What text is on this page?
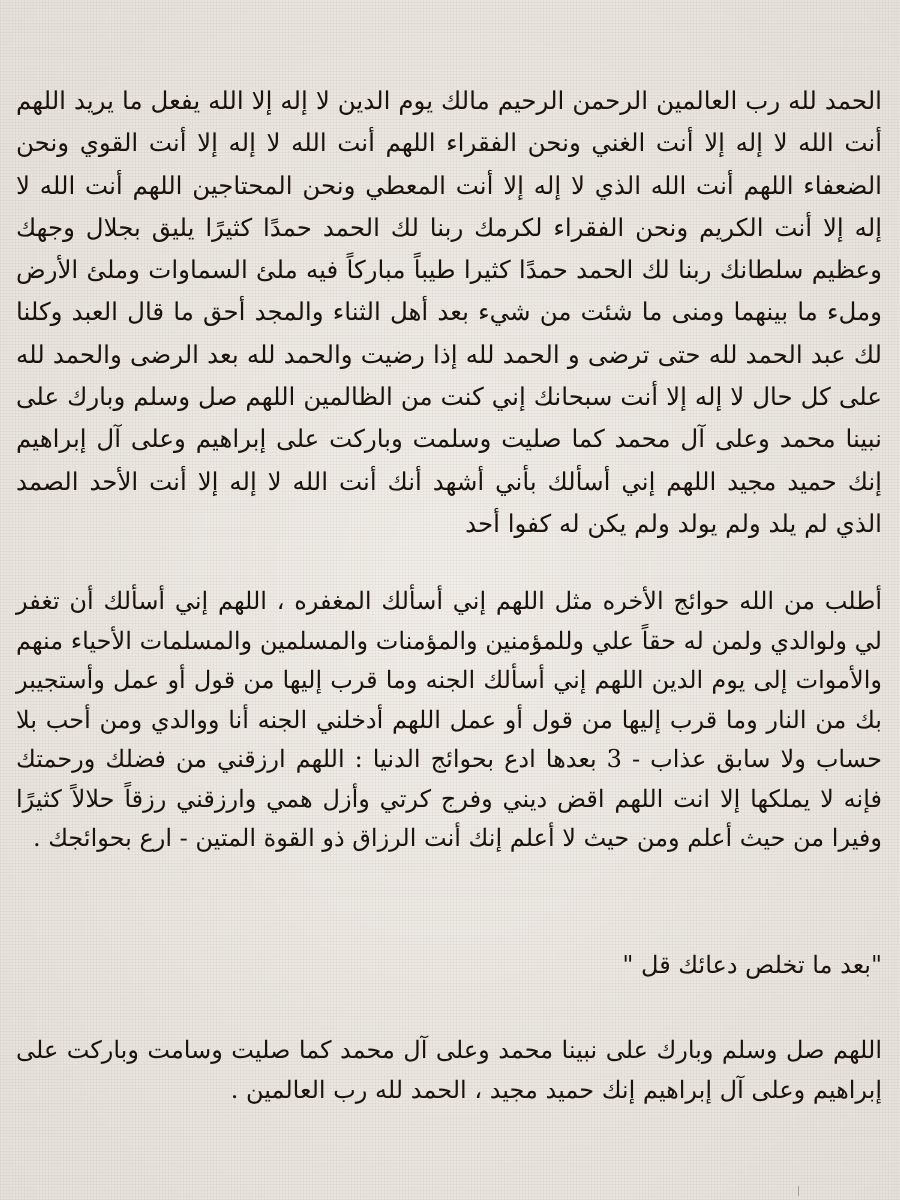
الحمد لله رب العالمين الرحمن الرحيم مالك يوم الدين لا إله إلا الله يفعل ما يريد اللهم أنت الله لا إله إلا أنت الغني ونحن الفقراء اللهم أنت الله لا إله إلا أنت القوي ونحن الضعفاء اللهم أنت الله الذي لا إله إلا أنت المعطي ونحن المحتاجين اللهم أنت الله لا إله إلا أنت الكريم ونحن الفقراء لكرمك ربنا لك الحمد حمدًا كثيرًا يليق بجلال وجهك وعظيم سلطانك ربنا لك الحمد حمدًا كثيرا طيباً مباركاً فيه ملئ السماوات وملئ الأرض وملء ما بينهما ومنى ما شئت من شيء بعد أهل الثناء والمجد أحق ما قال العبد وكلنا لك عبد الحمد لله حتى ترضى و الحمد لله إذا رضيت والحمد لله بعد الرضى والحمد لله على كل حال لا إله إلا أنت سبحانك إني كنت من الظالمين اللهم صل وسلم وبارك على نبينا محمد وعلى آل محمد كما صليت وسلمت وباركت على إبراهيم وعلى آل إبراهيم إنك حميد مجيد اللهم إني أسألك بأني أشهد أنك أنت الله لا إله إلا أنت الأحد الصمد الذي لم يلد ولم يولد ولم يكن له كفوا أحد

أطلب من الله حوائج الأخره مثل اللهم إني أسألك المغفره ، اللهم إني أسألك أن تغفر لي ولوالدي ولمن له حقاً علي وللمؤمنين والمؤمنات والمسلمين والمسلمات الأحياء منهم والأموات إلى يوم الدين اللهم إني أسألك الجنه وما قرب إليها من قول أو عمل وأستجيبر بك من النار وما قرب إليها من قول أو عمل اللهم أدخلني الجنه أنا ووالدي ومن أحب بلا حساب ولا سابق عذاب - 3 بعدها ادع بحوائج الدنيا : اللهم ارزقني من فضلك ورحمتك فإنه لا يملكها إلا انت اللهم اقض ديني وفرج كرتي وأزل همي وارزقني رزقاً حلالاً كثيرًا وفيرا من حيث أعلم ومن حيث لا أعلم إنك أنت الرزاق ذو القوة المتين - ارع بحوائجك .

"بعد ما تخلص دعائك قل "

اللهم صل وسلم وبارك على نبينا محمد وعلى آل محمد كما صليت وسامت وباركت على إبراهيم وعلى آل إبراهيم إنك حميد مجيد ، الحمد لله رب العالمين .
